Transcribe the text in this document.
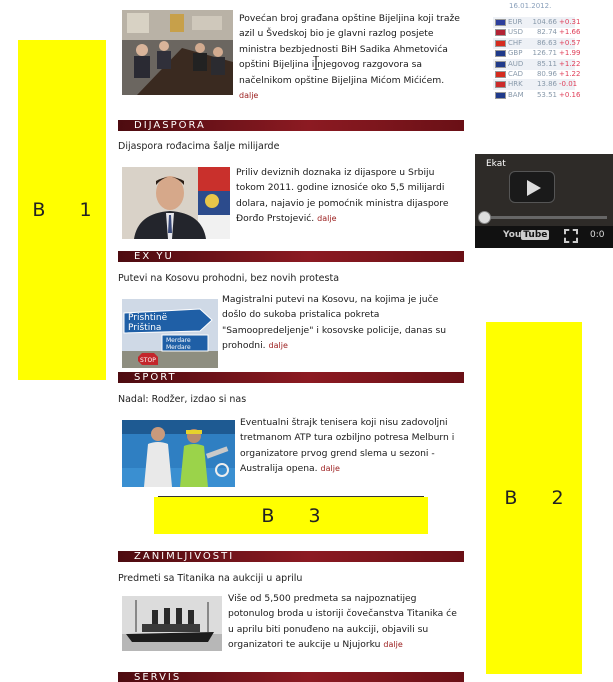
B 1
B 2
B 3
Povećan broj građana opštine Bijeljina koji traže azil u Švedskoj bio je glavni razlog posjete ministra bezbjednosti BiH Sadika Ahmetovića opštini Bijeljina i njegovog razgovora sa načelnikom opštine Bijeljina Mićom Mićićem. dalje
DIJASPORA
Dijaspora rođacima šalje milijarde
Priliv deviznih doznaka iz dijaspore u Srbiju tokom 2011. godine iznosiće oko 5,5 milijardi dolara, najavio je pomoćnik ministra dijaspore Đorđo Prstojević. dalje
EX YU
Putevi na Kosovu prohodni, bez novih protesta
Prishtinë
Priština
Merdare
Merdare
STOP
Magistralni putevi na Kosovu, na kojima je juče došlo do sukoba pristalica pokreta "Samoopredeljenje" i kosovske policije, danas su prohodni. dalje
SPORT
Nadal: Rodžer, izdao si nas
Eventualni štrajk tenisera koji nisu zadovoljni tretmanom ATP tura ozbiljno potresa Melburn i organizatore prvog grend slema u sezoni - Australija opena. dalje
ZANIMLJIVOSTI
Predmeti sa Titanika na aukciji u aprilu
Više od 5,500 predmeta sa najpoznatijeg potonulog broda u istoriji čovečanstva Titanika će u aprilu biti ponuđeno na aukciji, objavili su organizatori te aukcije u Njujorku dalje
SERVIS
16.01.2012.
EUR 104.66 +0.31
USD	82.74 +1.66
CHF	86.63 +0.57
GBP 126.71 +1.99
AUD	85.11 +1.22
CAD	80.96 +1.22
HRK	13.86 -0.01
BAM	53.51 +0.16
Ekat
You Tube	0:0
